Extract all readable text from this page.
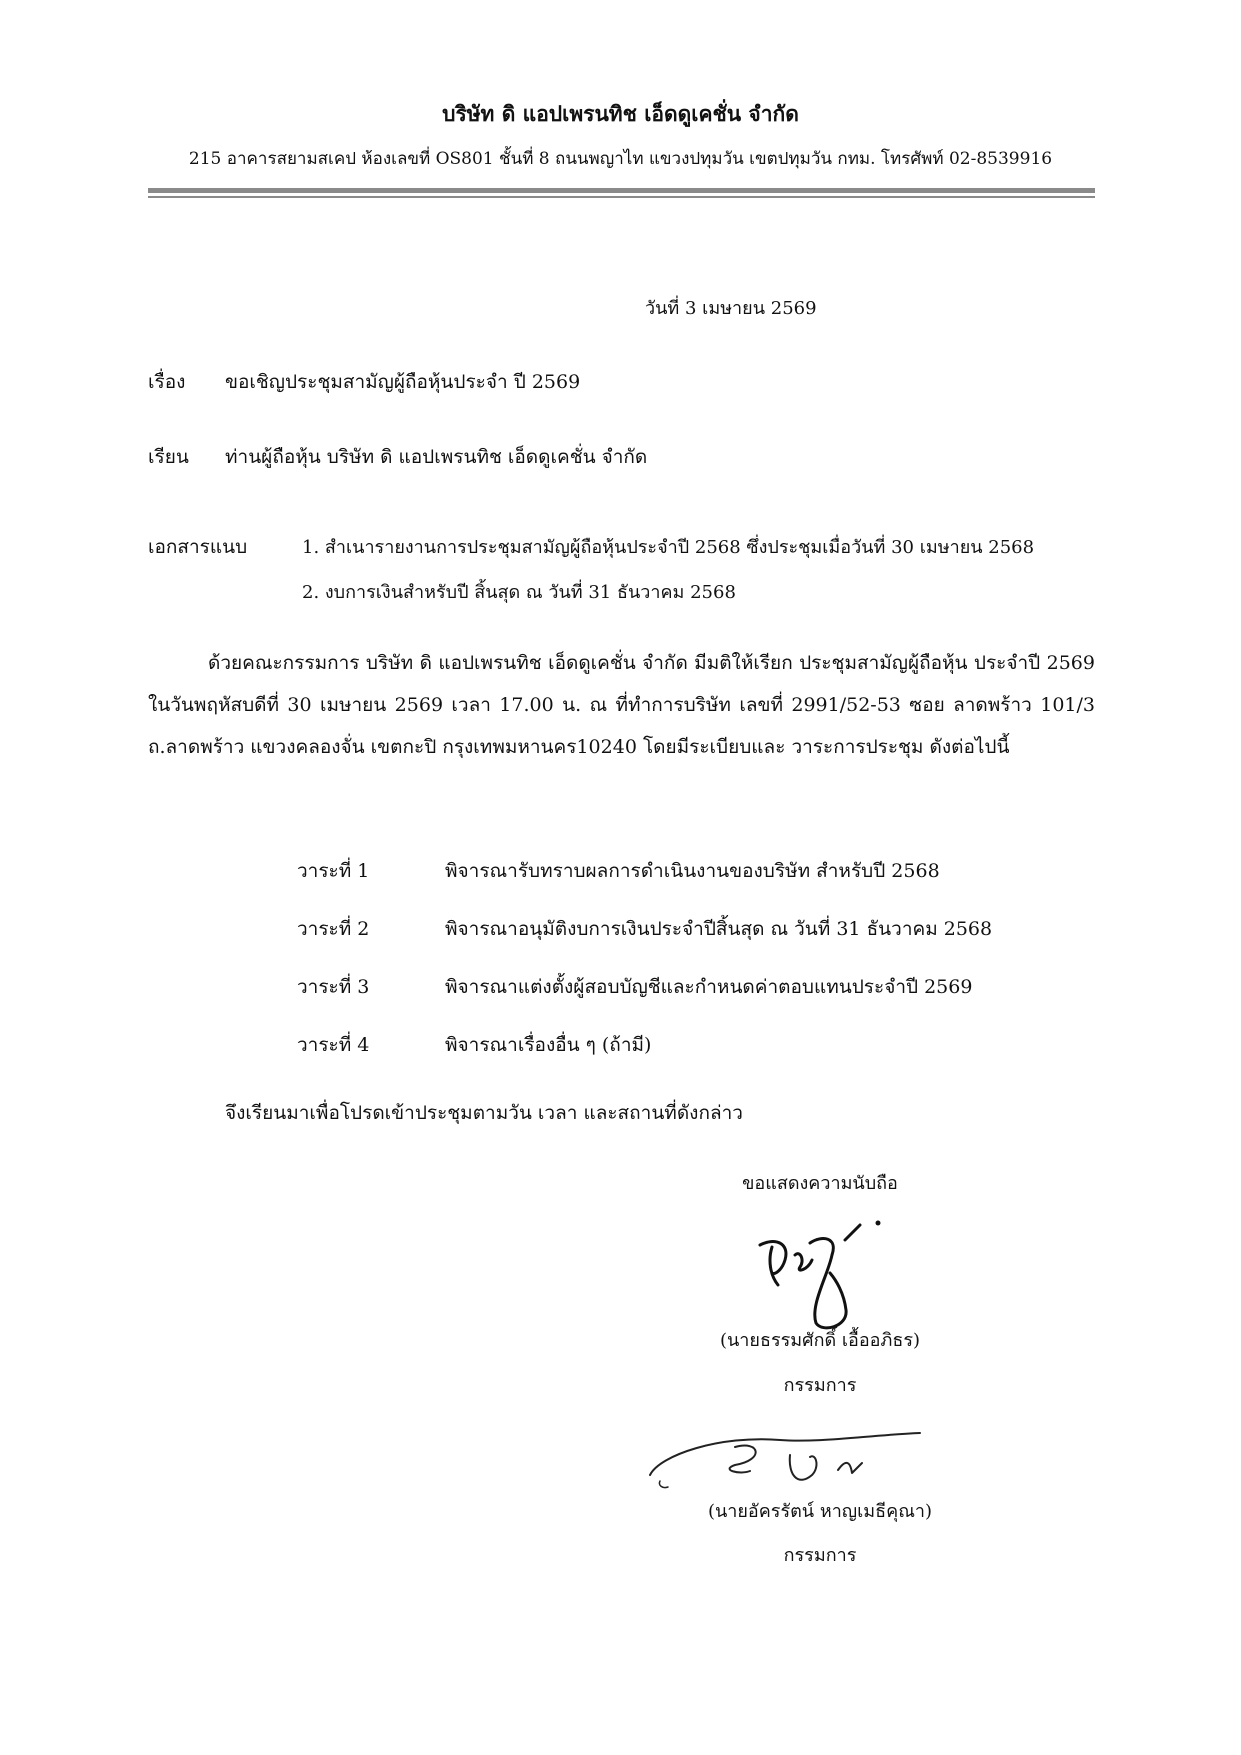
บริษัท ดิ แอปเพรนทิช เอ็ดดูเคชั่น จำกัด
215 อาคารสยามสเคป ห้องเลขที่ OS801 ชั้นที่ 8 ถนนพญาไท แขวงปทุมวัน เขตปทุมวัน กทม. โทรศัพท์ 02-8539916
วันที่ 3 เมษายน 2569
เรื่อง ขอเชิญประชุมสามัญผู้ถือหุ้นประจำ ปี 2569
เรียน ท่านผู้ถือหุ้น บริษัท ดิ แอปเพรนทิช เอ็ดดูเคชั่น จำกัด
เอกสารแนบ	1. สำเนารายงานการประชุมสามัญผู้ถือหุ้นประจำปี 2568 ซึ่งประชุมเมื่อวันที่ 30 เมษายน 2568
2. งบการเงินสำหรับปี สิ้นสุด ณ วันที่ 31 ธันวาคม 2568
ด้วยคณะกรรมการ บริษัท ดิ แอปเพรนทิช เอ็ดดูเคชั่น จำกัด มีมติให้เรียก ประชุมสามัญผู้ถือหุ้น ประจำปี 2569 ในวันพฤหัสบดีที่ 30 เมษายน 2569 เวลา 17.00 น. ณ ที่ทำการบริษัท เลขที่ 2991/52-53 ซอย ลาดพร้าว 101/3 ถ.ลาดพร้าว แขวงคลองจั่น เขตกะปิ กรุงเทพมหานคร10240 โดยมีระเบียบและ วาระการประชุม ดังต่อไปนี้
วาระที่ 1	พิจารณารับทราบผลการดำเนินงานของบริษัท สำหรับปี 2568
วาระที่ 2	พิจารณาอนุมัติงบการเงินประจำปีสิ้นสุด ณ วันที่ 31 ธันวาคม 2568
วาระที่ 3	พิจารณาแต่งตั้งผู้สอบบัญชีและกำหนดค่าตอบแทนประจำปี 2569
วาระที่ 4	พิจารณาเรื่องอื่น ๆ (ถ้ามี)
จึงเรียนมาเพื่อโปรดเข้าประชุมตามวัน เวลา และสถานที่ดังกล่าว
ขอแสดงความนับถือ
(นายธรรมศักดิ์ เอื้ออภิธร)
กรรมการ
(นายอัครรัตน์ หาญเมธีคุณา)
กรรมการ
